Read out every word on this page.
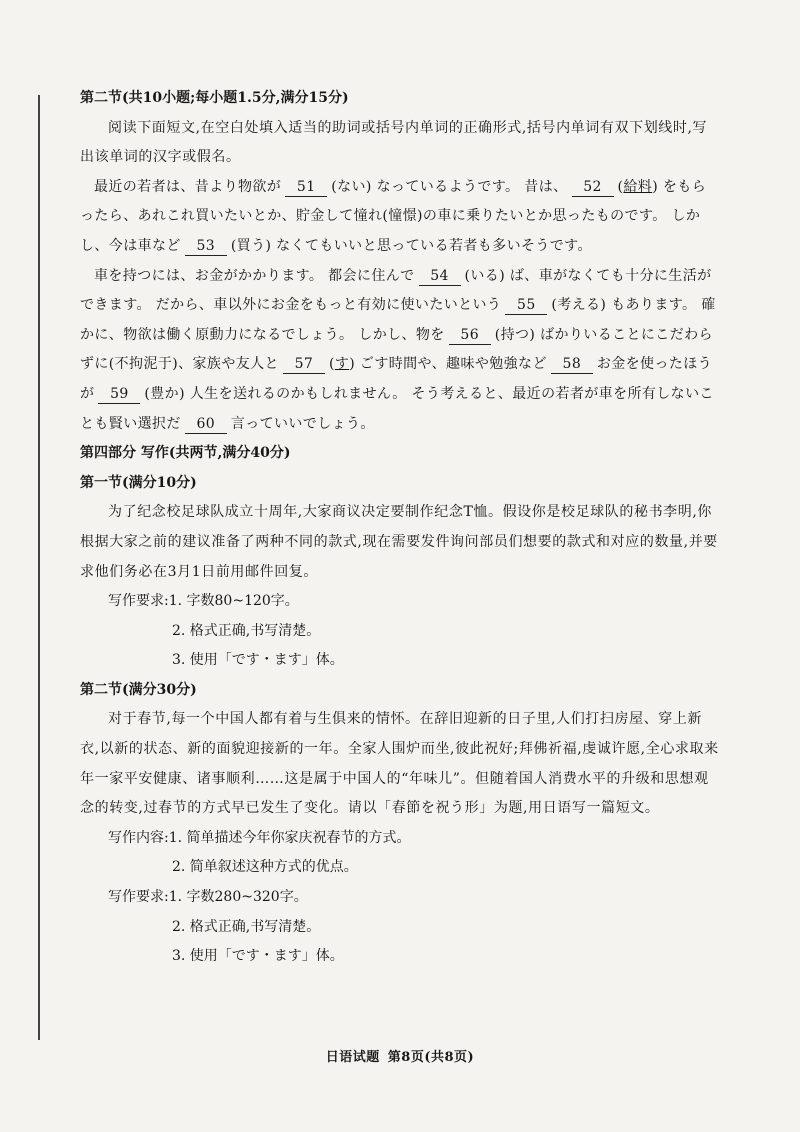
第二节(共10小题;每小题1.5分,满分15分)

阅读下面短文,在空白处填入适当的助词或括号内单词的正确形式,括号内单词有双下划线时,写出该单词的汉字或假名。

最近の若者は、昔より物欲が 51 (ない) なっているようです。 昔は、 52 (給料) をもらったら、あれこれ買いたいとか、貯金して憧れ(憧憬)の車に乗りたいとか思ったものです。 しかし、今は車など 53 (買う) なくてもいいと思っている若者も多いそうです。

車を持つには、お金がかかります。 都会に住んで 54 (いる) ば、車がなくても十分に生活ができます。 だから、車以外にお金をもっと有効に使いたいという 55 (考える) もあります。 確かに、物欲は働く原動力になるでしょう。 しかし、物を 56 (持つ) ばかりいることにこだわらずに(不拘泥于)、家族や友人と 57 (す) ごす時間や、趣味や勉強など 58 お金を使ったほうが 59 (豊か) 人生を送れるのかもしれません。 そう考えると、最近の若者が車を所有しないことも賢い選択だ 60 言っていいでしょう。

第四部分 写作(共两节,满分40分)

第一节(满分10分)

为了纪念校足球队成立十周年,大家商议决定要制作纪念T恤。假设你是校足球队的秘书李明,你根据大家之前的建议准备了两种不同的款式,现在需要发件询问部员们想要的款式和对应的数量,并要求他们务必在3月1日前用邮件回复。

写作要求:1. 字数80~120字。

2. 格式正确,书写清楚。

3. 使用「です・ます」体。

第二节(满分30分)

对于春节,每一个中国人都有着与生俱来的情怀。在辞旧迎新的日子里,人们打扫房屋、穿上新衣,以新的状态、新的面貌迎接新的一年。全家人围炉而坐,彼此祝好;拜佛祈福,虔诚许愿,全心求取来年一家平安健康、诸事顺利……这是属于中国人的“年味儿”。但随着国人消费水平的升级和思想观念的转变,过春节的方式早已发生了变化。请以「春節を祝う形」为题,用日语写一篇短文。

写作内容:1. 简单描述今年你家庆祝春节的方式。

2. 简单叙述这种方式的优点。

写作要求:1. 字数280~320字。

2. 格式正确,书写清楚。

3. 使用「です・ます」体。

日语试题 第8页(共8页)
